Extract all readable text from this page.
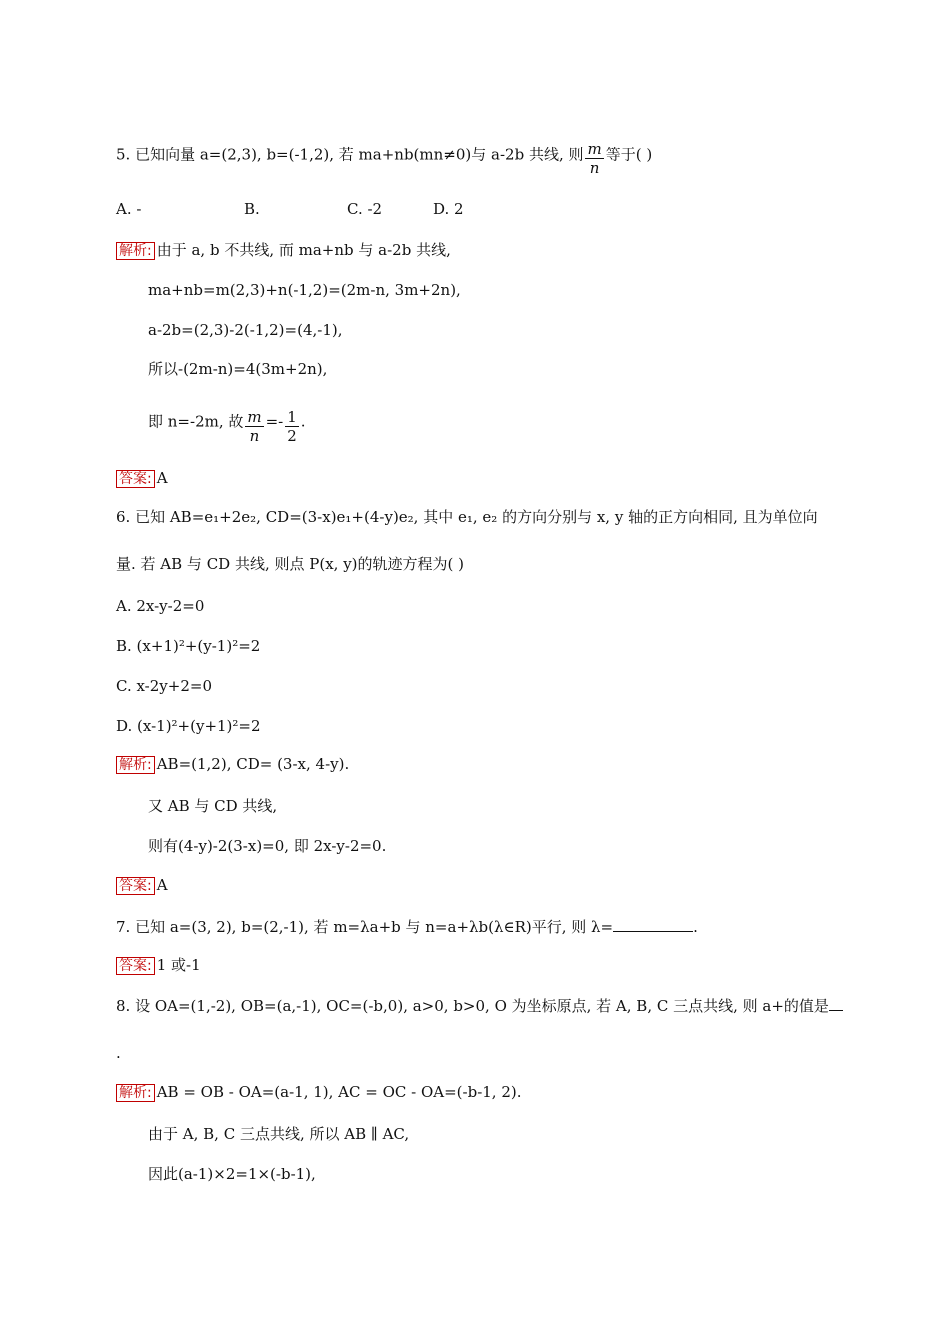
5. 已知向量 a=(2,3), b=(-1,2), 若 ma+nb(mn≠0)与 a-2b 共线, 则 $\frac{m}{n}$ 等于( )
A. -	B.	C. -2	D. 2
解析: 由于 a, b 不共线, 而 ma+nb 与 a-2b 共线,
ma+nb=m(2,3)+n(-1,2)=(2m-n, 3m+2n),
a-2b=(2,3)-2(-1,2)=(4,-1),
所以-(2m-n)=4(3m+2n),
即 n=-2m, 故 $\frac{m}{n} =- \frac{1}{2}$ .
答案: A
6. 已知 AB=e₁+2e₂, CD=(3-x)e₁+(4-y)e₂, 其中 e₁, e₂ 的方向分别与 x, y 轴的正方向相同, 且为单位向
量. 若 AB 与 CD 共线, 则点 P(x, y)的轨迹方程为( )
A. 2x-y-2=0
B. (x+1)²+(y-1)²=2
C. x-2y+2=0
D. (x-1)²+(y+1)²=2
解析: AB=(1,2), CD= (3-x, 4-y).
又 AB 与 CD 共线,
则有(4-y)-2(3-x)=0, 即 2x-y-2=0.
答案: A
7. 已知 a=(3, 2), b=(2,-1), 若 m=λa+b 与 n=a+λb(λ∈R)平行, 则 λ=	.
答案: 1 或-1
8. 设 OA=(1,-2), OB=(a,-1), OC=(-b,0), a>0, b>0, O 为坐标原点, 若 A, B, C 三点共线, 则 a+的值是
.
解析: AB = OB - OA=(a-1, 1), AC = OC - OA=(-b-1, 2).
由于 A, B, C 三点共线, 所以 AB ∥ AC,
因此(a-1)×2=1×(-b-1),
